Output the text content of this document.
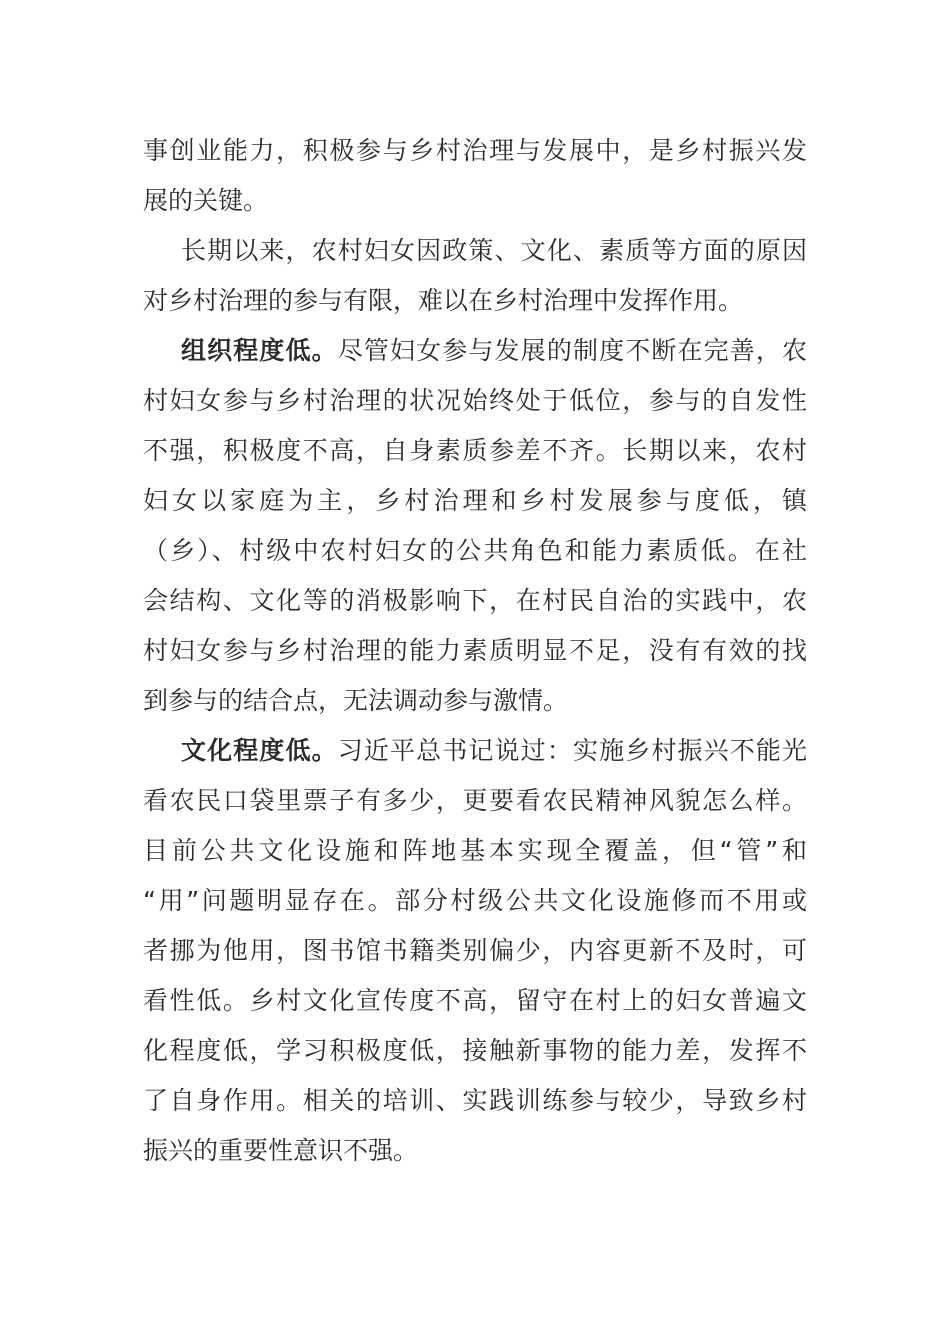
事创业能力，积极参与乡村治理与发展中，是乡村振兴发
展的关键。
长期以来，农村妇女因政策、文化、素质等方面的原因
对乡村治理的参与有限，难以在乡村治理中发挥作用。
组织程度低。尽管妇女参与发展的制度不断在完善，农
村妇女参与乡村治理的状况始终处于低位，参与的自发性
不强，积极度不高，自身素质参差不齐。长期以来，农村
妇女以家庭为主，乡村治理和乡村发展参与度低，镇
（乡）、村级中农村妇女的公共角色和能力素质低。在社
会结构、文化等的消极影响下，在村民自治的实践中，农
村妇女参与乡村治理的能力素质明显不足，没有有效的找
到参与的结合点，无法调动参与激情。
文化程度低。习近平总书记说过：实施乡村振兴不能光
看农民口袋里票子有多少，更要看农民精神风貌怎么样。
目前公共文化设施和阵地基本实现全覆盖，但“管”和
“用”问题明显存在。部分村级公共文化设施修而不用或
者挪为他用，图书馆书籍类别偏少，内容更新不及时，可
看性低。乡村文化宣传度不高，留守在村上的妇女普遍文
化程度低，学习积极度低，接触新事物的能力差，发挥不
了自身作用。相关的培训、实践训练参与较少，导致乡村
振兴的重要性意识不强。
